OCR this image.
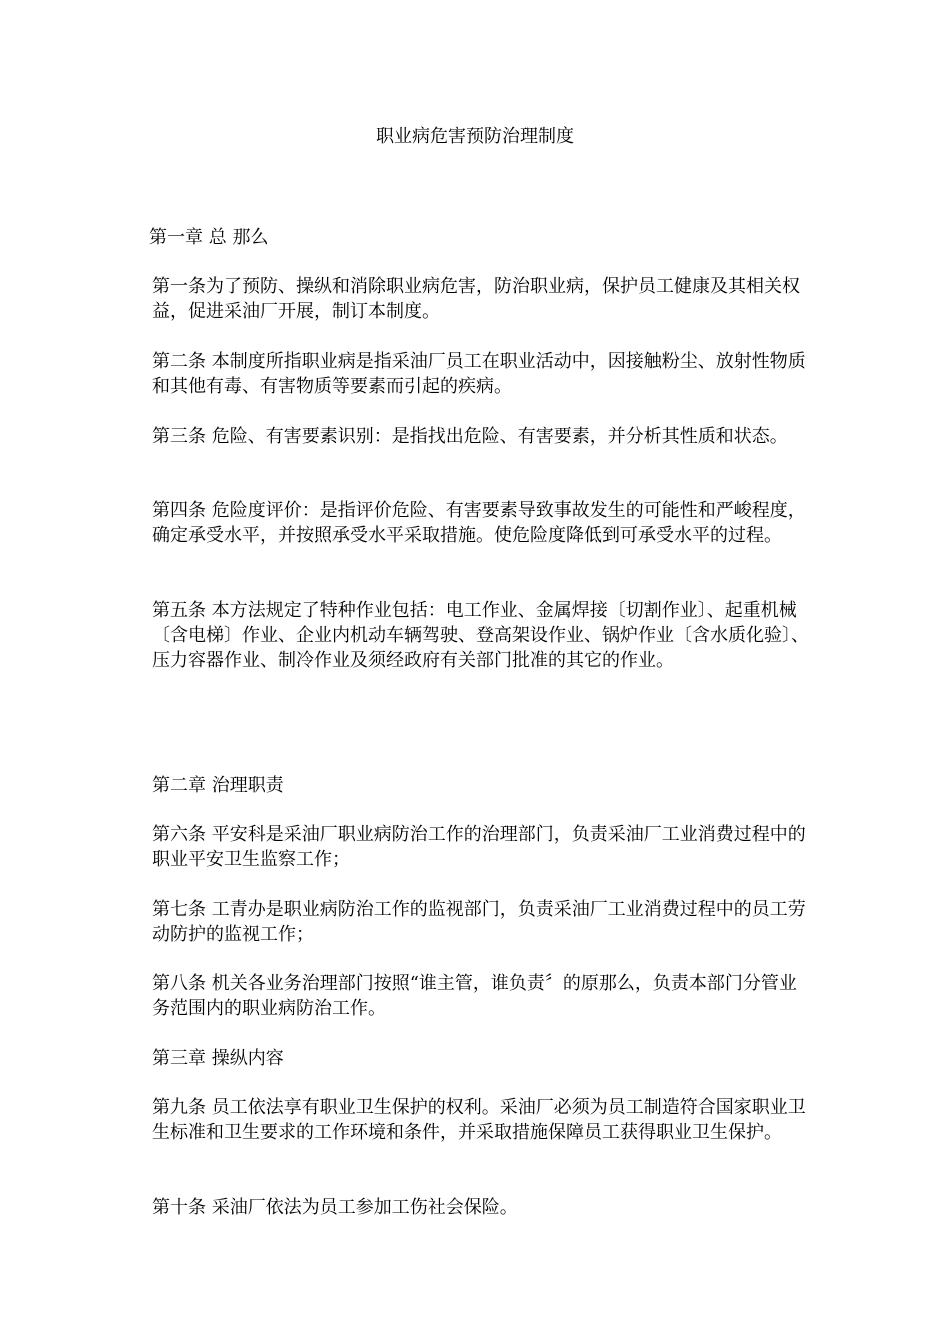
职业病危害预防治理制度

第一章 总 那么

第一条为了预防、操纵和消除职业病危害，防治职业病，保护员工健康及其相关权益，促进采油厂开展，制订本制度。

第二条 本制度所指职业病是指采油厂员工在职业活动中，因接触粉尘、放射性物质和其他有毒、有害物质等要素而引起的疾病。

第三条 危险、有害要素识别：是指找出危险、有害要素，并分析其性质和状态。

第四条 危险度评价：是指评价危险、有害要素导致事故发生的可能性和严峻程度，确定承受水平，并按照承受水平采取措施。使危险度降低到可承受水平的过程。

第五条 本方法规定了特种作业包括：电工作业、金属焊接〔切割作业〕、起重机械〔含电梯〕作业、企业内机动车辆驾驶、登高架设作业、锅炉作业〔含水质化验〕、压力容器作业、制冷作业及须经政府有关部门批准的其它的作业。

第二章 治理职责

第六条 平安科是采油厂职业病防治工作的治理部门，负责采油厂工业消费过程中的职业平安卫生监察工作；

第七条 工青办是职业病防治工作的监视部门，负责采油厂工业消费过程中的员工劳动防护的监视工作；

第八条 机关各业务治理部门按照“谁主管，谁负责〞的原那么，负责本部门分管业务范围内的职业病防治工作。

第三章 操纵内容

第九条 员工依法享有职业卫生保护的权利。采油厂必须为员工制造符合国家职业卫生标准和卫生要求的工作环境和条件，并采取措施保障员工获得职业卫生保护。

第十条 采油厂依法为员工参加工伤社会保险。
